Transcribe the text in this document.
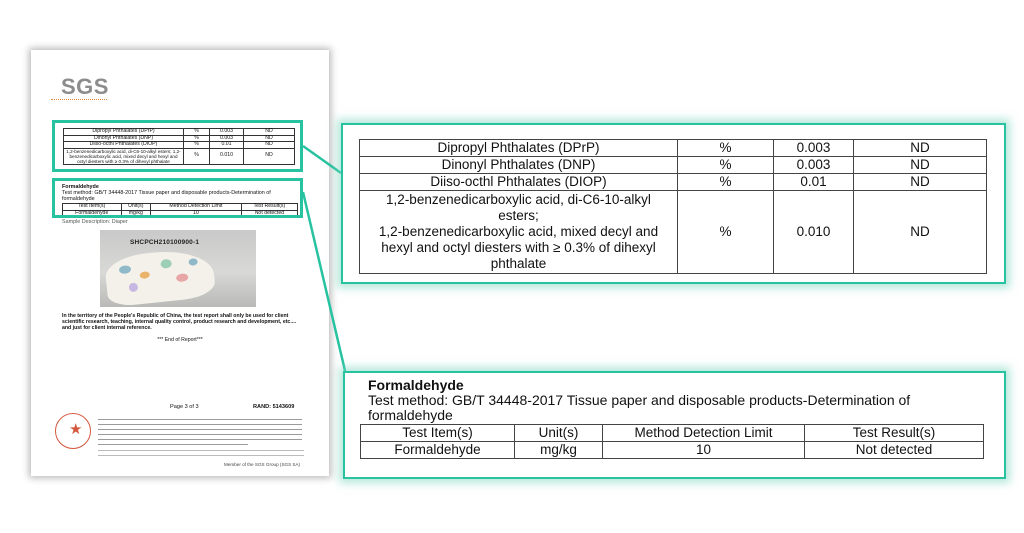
SGS
Dipropyl Phthalates (DPrP)	%	0.003	ND
Dinonyl Phthalates (DNP)	%	0.003	ND
Diiso-octhl Phthalates (DIOP)	%	0.01	ND
1,2-benzenedicarboxylic acid, di-C6-10-alkyl esters; 1,2-benzenedicarboxylic acid, mixed decyl and hexyl and octyl diesters with ≥ 0.3% of dihexyl phthalate	%	0.010	ND
Formaldehyde
Test method: GB/T 34448-2017 Tissue paper and disposable products-Determination of formaldehyde
Test Item(s)	Unit(s)	Method Detection Limit	Test Result(s)
Formaldehyde	mg/kg	10	Not detected
Sample Description: Diaper
SHCPCH210100900-1
In the territory of the People's Republic of China, the test report shall only be used for client scientific research, teaching, internal quality control, product research and development, etc.... and just for client internal reference.
*** End of Report***
Page 3 of 3	RAND: 5143609
★
Member of the SGS Group (SGS SA)
Dipropyl Phthalates (DPrP)	%	0.003	ND
Dinonyl Phthalates (DNP)	%	0.003	ND
Diiso-octhl Phthalates (DIOP)	%	0.01	ND

1,2-benzenedicarboxylic acid, di-C6-10-alkyl
esters;
1,2-benzenedicarboxylic acid, mixed decyl and
hexyl and octyl diesters with ≥ 0.3% of dihexyl
phthalate	%	0.010	ND
Formaldehyde
Test method: GB/T 34448-2017 Tissue paper and disposable products-Determination of
formaldehyde
Test Item(s)	Unit(s)	Method Detection Limit	Test Result(s)
Formaldehyde	mg/kg	10	Not detected
